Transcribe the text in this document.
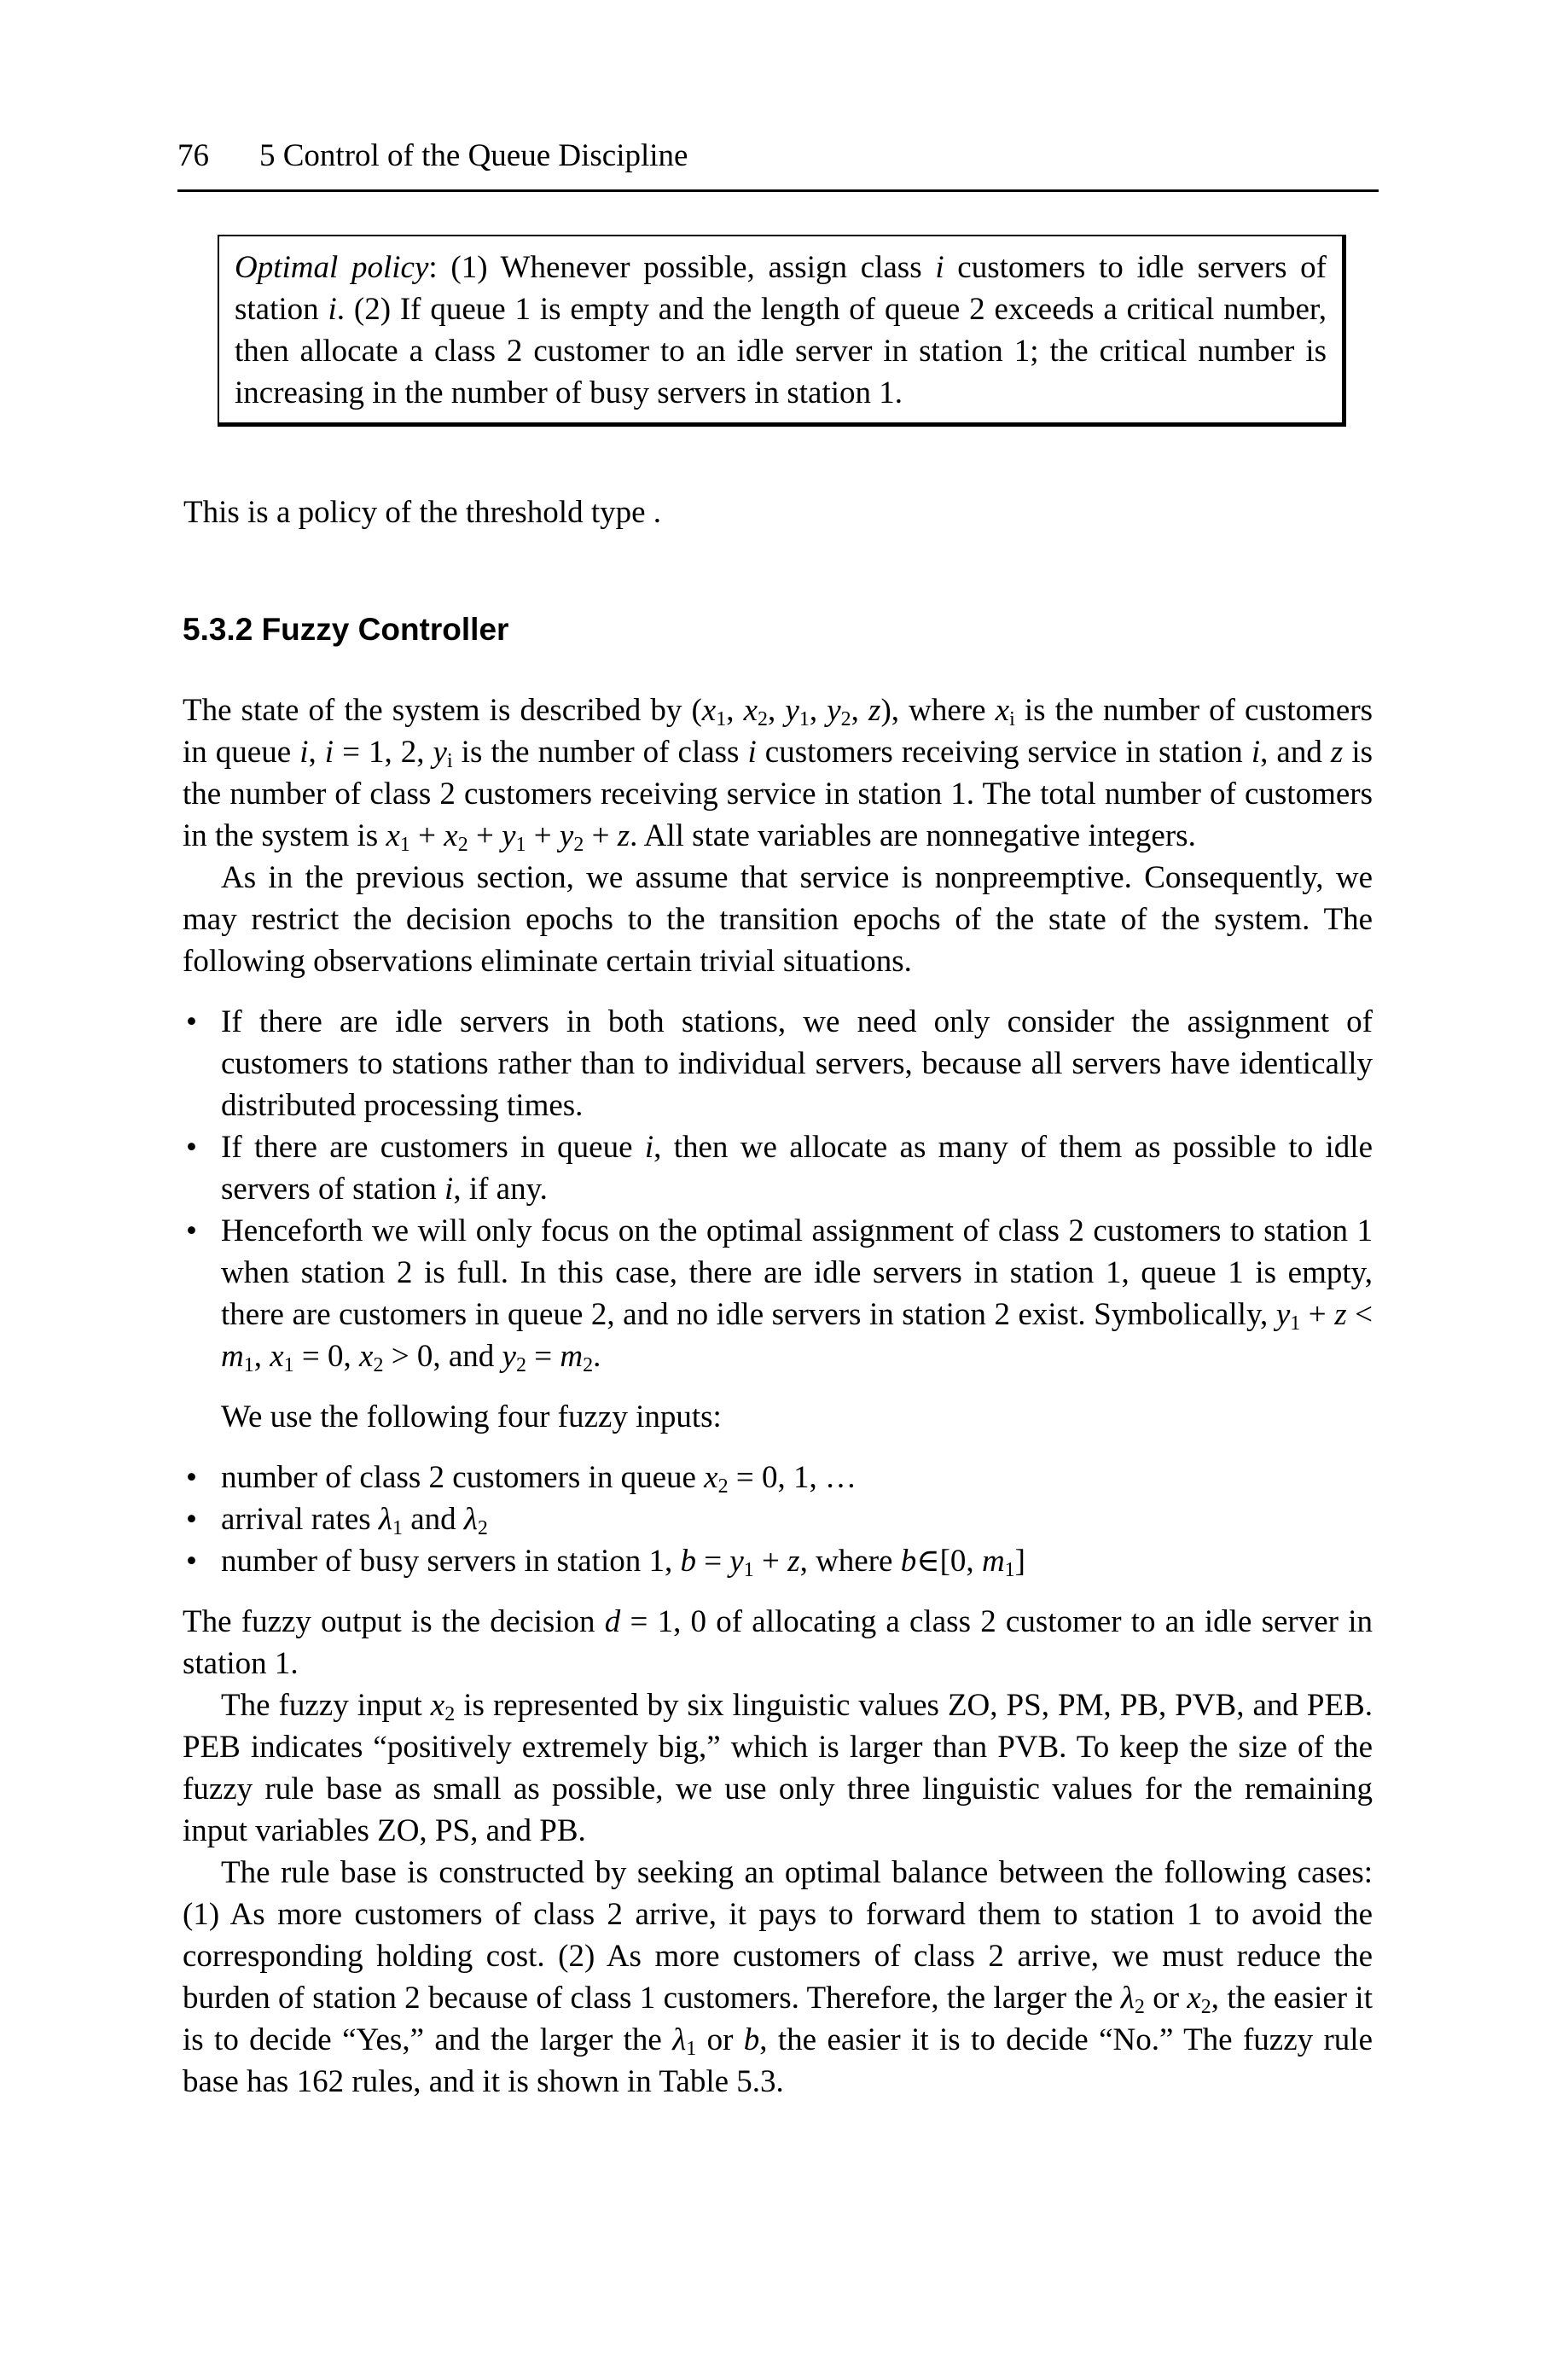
76 5 Control of the Queue Discipline

Optimal policy: (1) Whenever possible, assign class i customers to idle servers of station i. (2) If queue 1 is empty and the length of queue 2 exceeds a critical number, then allocate a class 2 customer to an idle server in station 1; the critical number is increasing in the number of busy servers in station 1.

This is a policy of the threshold type .

5.3.2 Fuzzy Controller

The state of the system is described by ($x_1$, $x_2$, $y_1$, $y_2$, z), where $x_i$ is the number of customers in queue i, i = 1, 2, $y_i$ is the number of class i customers receiving service in station i, and z is the number of class 2 customers receiving service in station 1. The total number of customers in the system is $x_1 + x_2 + y_1 + y_2 + z$. All state variables are nonnegative integers.

As in the previous section, we assume that service is nonpreemptive. Consequently, we may restrict the decision epochs to the transition epochs of the state of the system. The following observations eliminate certain trivial situations.

• If there are idle servers in both stations, we need only consider the assignment of customers to stations rather than to individual servers, because all servers have identically distributed processing times.
• If there are customers in queue i, then we allocate as many of them as possible to idle servers of station i, if any.
• Henceforth we will only focus on the optimal assignment of class 2 customers to station 1 when station 2 is full. In this case, there are idle servers in station 1, queue 1 is empty, there are customers in queue 2, and no idle servers in station 2 exist. Symbolically, $y_1 + z < m_1$, $x_1 = 0$, $x_2 > 0$, and $y_2 = m_2$.

We use the following four fuzzy inputs:

• number of class 2 customers in queue $x_2 = 0$, 1, …
• arrival rates $\lambda_1$ and $\lambda_2$
• number of busy servers in station 1, $b = y_1 + z$, where b∈[0, $m_1$]

The fuzzy output is the decision d = 1, 0 of allocating a class 2 customer to an idle server in station 1.

The fuzzy input $x_2$ is represented by six linguistic values ZO, PS, PM, PB, PVB, and PEB. PEB indicates “positively extremely big,” which is larger than PVB. To keep the size of the fuzzy rule base as small as possible, we use only three linguistic values for the remaining input variables ZO, PS, and PB.

The rule base is constructed by seeking an optimal balance between the following cases: (1) As more customers of class 2 arrive, it pays to forward them to station 1 to avoid the corresponding holding cost. (2) As more customers of class 2 arrive, we must reduce the burden of station 2 because of class 1 customers. Therefore, the larger the $\lambda_2$ or $x_2$, the easier it is to decide “Yes,” and the larger the $\lambda_1$ or b, the easier it is to decide “No.” The fuzzy rule base has 162 rules, and it is shown in Table 5.3.
